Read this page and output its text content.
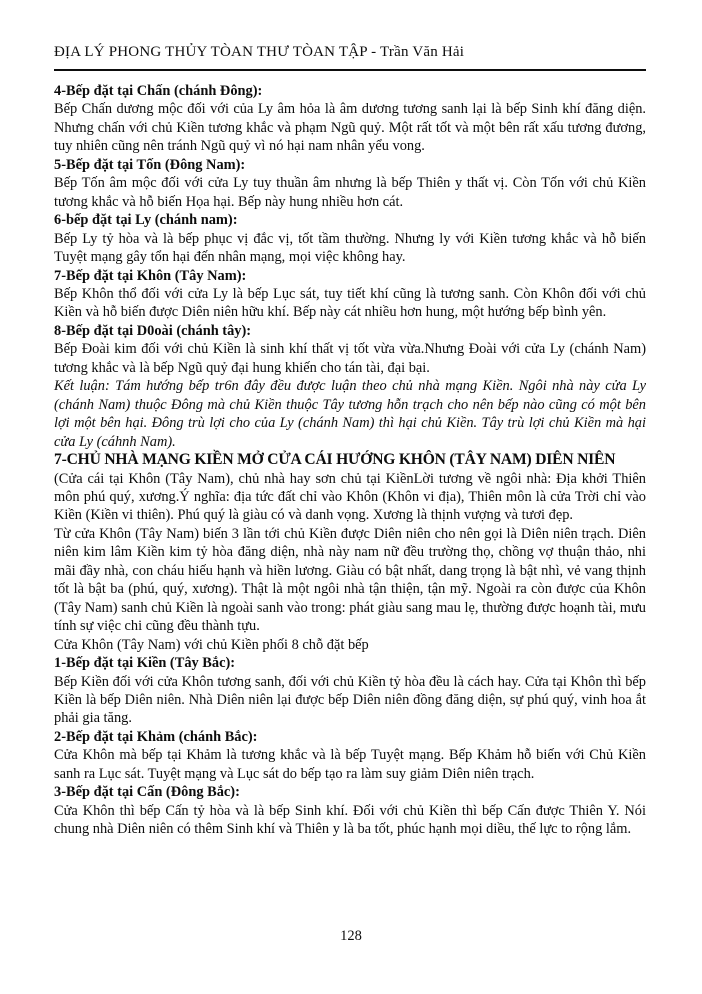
ĐỊA LÝ PHONG THỦY TÒAN THƯ TÒAN TẬP - Trần Văn Hải

4-Bếp đặt tại Chấn (chánh Đông):

Bếp Chấn dương mộc đối với của Ly âm hỏa là âm dương tương sanh lại là bếp Sinh khí đăng diện. Nhưng chấn với chủ Kiền tương khắc và phạm Ngũ quỷ. Một rất tốt và một bên rất xấu tương đương, tuy nhiên cũng nên tránh Ngũ quỷ vì nó hại nam nhân yểu vong.

5-Bếp đặt tại Tốn (Đông Nam):

Bếp Tốn âm mộc đối với cửa Ly tuy thuần âm nhưng là bếp Thiên y thất vị. Còn Tốn với chủ Kiền tương khắc và hỗ biến Họa hại. Bếp này hung nhiều hơn cát.

6-bếp đặt tại Ly (chánh nam):

Bếp Ly tỷ hòa và là bếp phục vị đắc vị, tốt tầm thường. Nhưng ly với Kiền tương khắc và hỗ biến Tuyệt mạng gây tổn hại đến nhân mạng, mọi việc không hay.

7-Bếp đặt tại Khôn (Tây Nam):

Bếp Khôn thổ đối với cửa Ly là bếp Lục sát, tuy tiết khí cũng là tương sanh. Còn Khôn đối với chủ Kiền và hỗ biến được Diên niên hữu khí. Bếp này cát nhiều hơn hung, một hướng bếp bình yên.

8-Bếp đặt tại D0oài (chánh tây):

Bếp Đoài kim đối với chủ Kiền là sinh khí thất vị tốt vừa vừa.Nhưng Đoài với cửa Ly (chánh Nam) tương khắc và là bếp Ngũ quỷ đại hung khiến cho tán tài, đại bại.

Kết luận: Tám hướng bếp tr6n đây đều được luận theo chủ nhà mạng Kiền. Ngôi nhà này cửa Ly (chánh Nam) thuộc Đông mà chủ Kiền thuộc Tây tương hỗn trạch cho nên bếp nào cũng có một bên lợi một bên hại. Đông trù lợi cho của Ly (chánh Nam) thì hại chủ Kiền. Tây trù lợi chủ Kiền mà hại cửa Ly (cáhnh Nam).

7-CHỦ NHÀ MẠNG KIỀN MỞ CỬA CÁI HƯỚNG KHÔN (TÂY NAM) DIÊN NIÊN

(Cửa cái tại Khôn (Tây Nam), chủ nhà hay sơn chủ tại KiềnLời tương về ngôi nhà: Địa khởi Thiên môn phú quý, xương.Ý nghĩa: địa tức đất chỉ vào Khôn (Khôn vi địa), Thiên môn là cửa Trời chỉ vào Kiền (Kiền vi thiên). Phú quý là giàu có và danh vọng. Xương là thịnh vượng và tươi đẹp.

Từ cửa Khôn (Tây Nam) biến 3 lần tới chủ Kiền được Diên niên cho nên gọi là Diên niên trạch. Diên niên kim lâm Kiền kim tỷ hòa đăng diện, nhà này nam nữ đều trường thọ, chồng vợ thuận thảo, nhi mãi đầy nhà, con cháu hiếu hạnh và hiền lương. Giàu có bật nhất, dang trọng là bật nhì, vẻ vang thịnh tốt là bật ba (phú, quý, xương). Thật là một ngôi nhà tận thiện, tận mỹ. Ngoài ra còn được của Khôn (Tây Nam) sanh chủ Kiền là ngoài sanh vào trong: phát giàu sang mau lẹ, thường được hoạnh tài, mưu tính sự việc chi cũng đều thành tựu.

Cửa Khôn (Tây Nam) với chủ Kiền phối 8 chỗ đặt bếp

1-Bếp đặt tại Kiền (Tây Bắc):

Bếp Kiền đối với cửa Khôn tương sanh, đối với chủ Kiền tỷ hòa đều là cách hay. Cửa tại Khôn thì bếp Kiền là bếp Diên niên. Nhà Diên niên lại được bếp Diên niên đồng đăng diện, sự phú quý, vinh hoa ắt phải gia tăng.

2-Bếp đặt tại Khảm (chánh Bắc):

Cửa Khôn mà bếp tại Khảm là tương khắc và là bếp Tuyệt mạng. Bếp Khảm hỗ biến với Chủ Kiền sanh ra Lục sát. Tuyệt mạng và Lục sát do bếp tạo ra làm suy giảm Diên niên trạch.

3-Bếp đặt tại Cấn (Đông Bắc):

Cửa Khôn thì bếp Cấn tỷ hòa và là bếp Sinh khí. Đối với chủ Kiền thì bếp Cấn được Thiên Y. Nói chung nhà Diên niên có thêm Sinh khí và Thiên y là ba tốt, phúc hạnh mọi diều, thế lực to rộng lắm.

128
